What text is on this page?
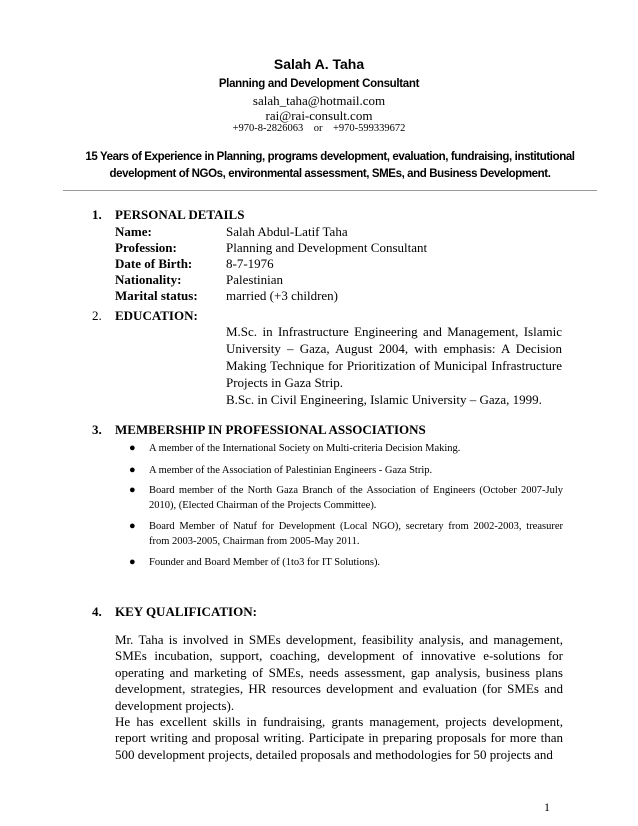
Salah A. Taha
Planning and Development Consultant
salah_taha@hotmail.com
rai@rai-consult.com
+970-8-2826063    or    +970-599339672
15 Years of Experience in Planning, programs development, evaluation, fundraising, institutional development of NGOs, environmental assessment, SMEs, and Business Development.
1. PERSONAL DETAILS
Name:	Salah Abdul-Latif Taha
Profession:	Planning and Development Consultant
Date of Birth:	8-7-1976
Nationality:	Palestinian
Marital status: married (+3 children)
2. EDUCATION:
M.Sc. in Infrastructure Engineering and Management, Islamic University – Gaza, August 2004, with emphasis: A Decision Making Technique for Prioritization of Municipal Infrastructure Projects in Gaza Strip.
B.Sc. in Civil Engineering, Islamic University – Gaza, 1999.
3. MEMBERSHIP IN PROFESSIONAL ASSOCIATIONS
● A member of the International Society on Multi-criteria Decision Making.
● A member of the Association of Palestinian Engineers - Gaza Strip.
● Board member of the North Gaza Branch of the Association of Engineers (October 2007-July 2010), (Elected Chairman of the Projects Committee).
● Board Member of Natuf for Development (Local NGO), secretary from 2002-2003, treasurer from 2003-2005, Chairman from 2005-May 2011.
● Founder and Board Member of (1to3 for IT Solutions).
4. KEY QUALIFICATION:
Mr. Taha is involved in SMEs development, feasibility analysis, and management, SMEs incubation, support, coaching, development of innovative e-solutions for operating and marketing of SMEs, needs assessment, gap analysis, business plans development, strategies, HR resources development and evaluation (for SMEs and development projects).
He has excellent skills in fundraising, grants management, projects development, report writing and proposal writing. Participate in preparing proposals for more than 500 development projects, detailed proposals and methodologies for 50 projects and
1
